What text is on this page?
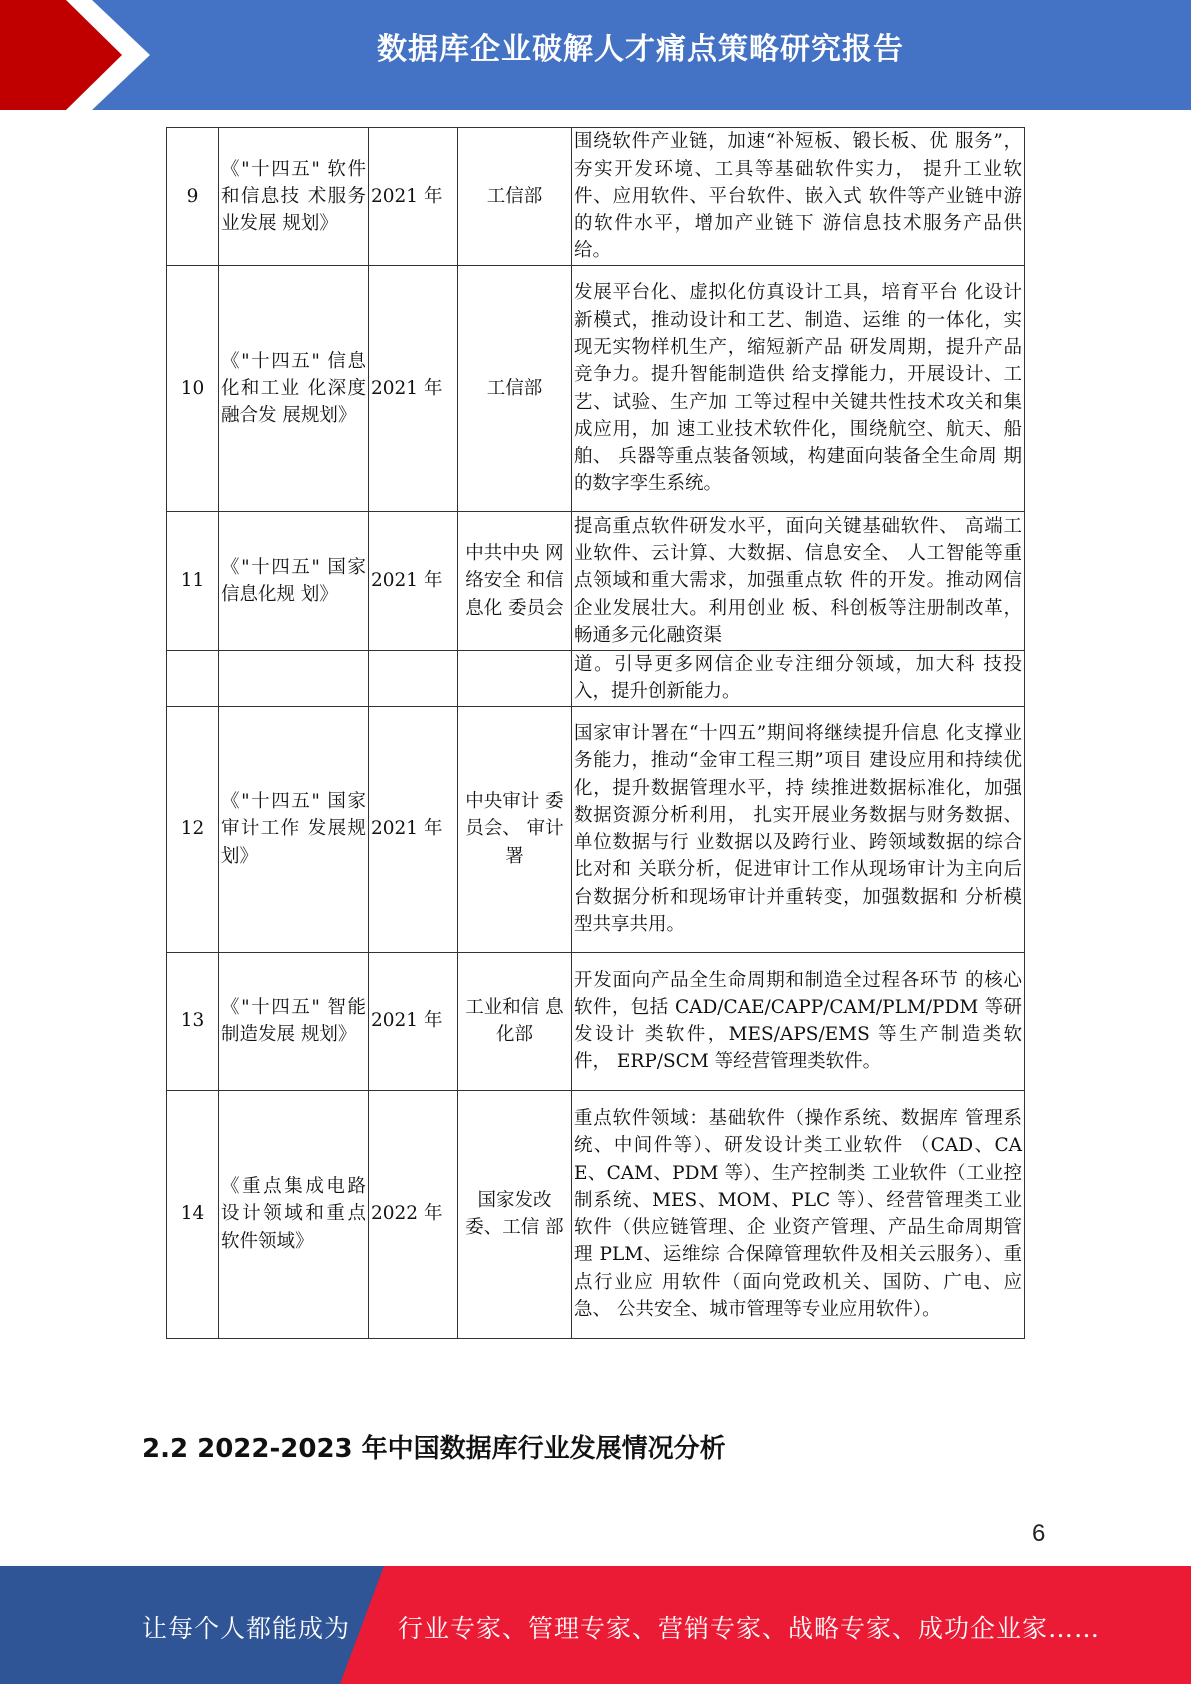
数据库企业破解人才痛点策略研究报告
9	《"十四五" 软件和信息技 术服务业发展 规划》	2021 年	工信部	围绕软件产业链，加速“补短板、锻长板、优 服务”，夯实开发环境、工具等基础软件实力， 提升工业软件、应用软件、平台软件、嵌入式 软件等产业链中游的软件水平，增加产业链下 游信息技术服务产品供给。
10	《"十四五" 信息化和工业 化深度融合发 展规划》	2021 年	工信部	发展平台化、虚拟化仿真设计工具，培育平台 化设计新模式，推动设计和工艺、制造、运维 的一体化，实现无实物样机生产，缩短新产品 研发周期，提升产品竞争力。提升智能制造供 给支撑能力，开展设计、工艺、试验、生产加 工等过程中关键共性技术攻关和集成应用，加 速工业技术软件化，围绕航空、航天、船舶、 兵器等重点装备领域，构建面向装备全生命周 期的数字孪生系统。
11	《"十四五" 国家信息化规 划》	2021 年	中共中央 网络安全 和信息化 委员会	提高重点软件研发水平，面向关键基础软件、 高端工业软件、云计算、大数据、信息安全、 人工智能等重点领域和重大需求，加强重点软 件的开发。推动网信企业发展壮大。利用创业 板、科创板等注册制改革，畅通多元化融资渠
				道。引导更多网信企业专注细分领域，加大科 技投入，提升创新能力。
12	《"十四五" 国家审计工作 发展规划》	2021 年	中央审计 委员会、 审计署	国家审计署在“十四五”期间将继续提升信息 化支撑业务能力，推动“金审工程三期”项目 建设应用和持续优化，提升数据管理水平，持 续推进数据标准化，加强数据资源分析利用， 扎实开展业务数据与财务数据、单位数据与行 业数据以及跨行业、跨领域数据的综合比对和 关联分析，促进审计工作从现场审计为主向后 台数据分析和现场审计并重转变，加强数据和 分析模型共享共用。
13	《"十四五" 智能制造发展 规划》	2021 年	工业和信 息化部	开发面向产品全生命周期和制造全过程各环节 的核心软件，包括 CAD/CAE/CAPP/CAM/PLM/PDM 等研发设计 类软件，MES/APS/EMS 等生产制造类软件， ERP/SCM 等经营管理类软件。
14	《重点集成电路设计领域和重点软件领域》	2022 年	国家发改委、工信 部	重点软件领域：基础软件（操作系统、数据库 管理系统、中间件等）、研发设计类工业软件 （CAD、CAE、CAM、PDM 等）、生产控制类 工业软件（工业控制系统、MES、MOM、PLC 等）、经营管理类工业软件（供应链管理、企 业资产管理、产品生命周期管理 PLM、运维综 合保障管理软件及相关云服务）、重点行业应 用软件（面向党政机关、国防、广电、应急、 公共安全、城市管理等专业应用软件）。
2.2 2022-2023 年中国数据库行业发展情况分析
6
让每个人都能成为 行业专家、管理专家、营销专家、战略专家、成功企业家……
